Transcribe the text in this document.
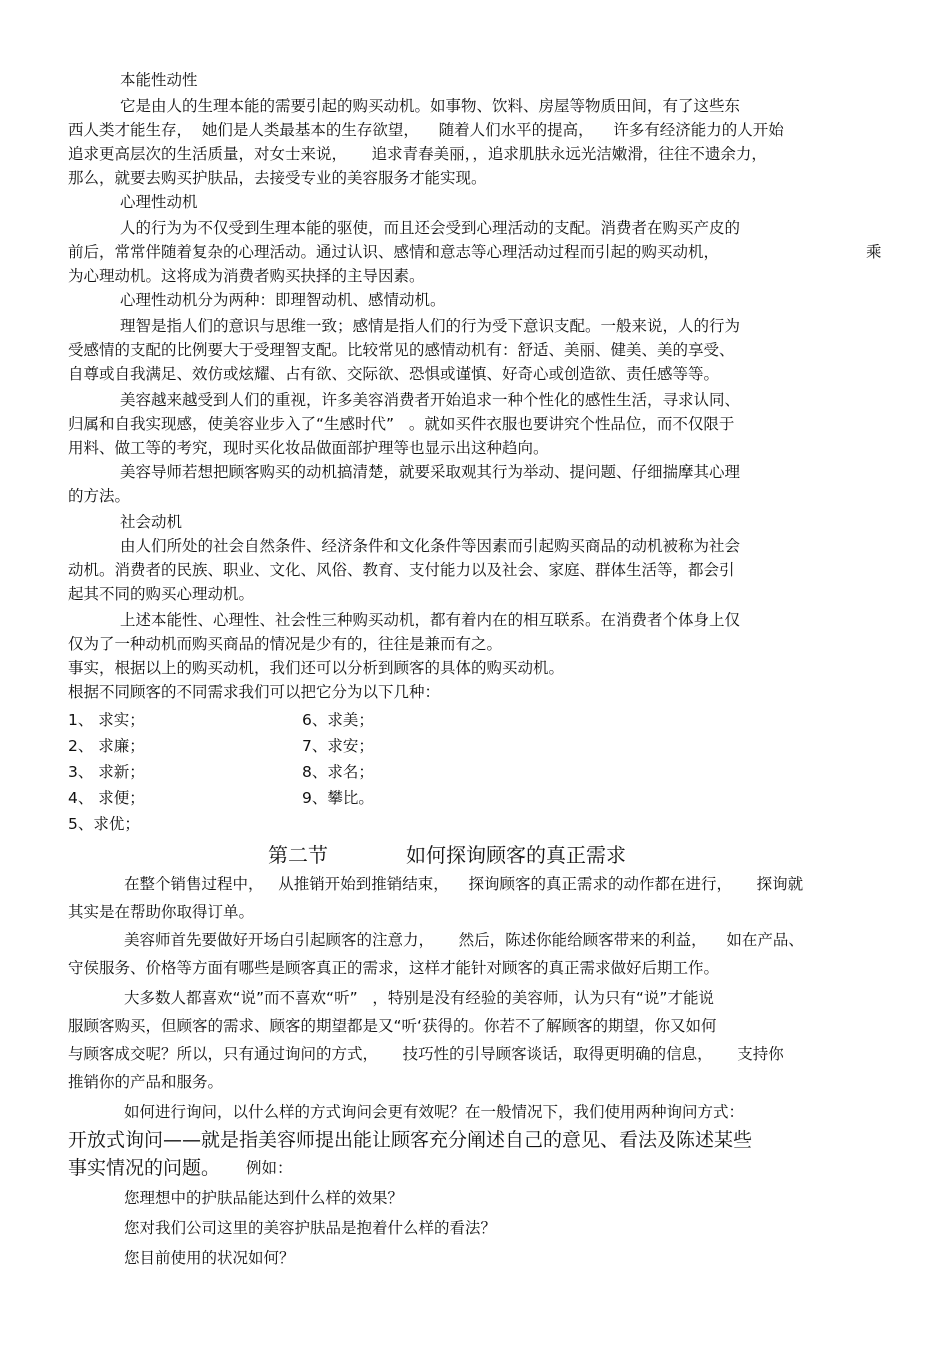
本能性动性
它是由人的生理本能的需要引起的购买动机。如事物、饮料、房屋等物质田间，有了这些东
西人类才能生存，  她们是人类最基本的生存欲望，    随着人们水平的提高，    许多有经济能力的人开始
追求更高层次的生活质量，对女士来说，     追求青春美丽，，追求肌肤永远光洁嫩滑，往往不遗余力，
那么，就要去购买护肤品，去接受专业的美容服务才能实现。
心理性动机
人的行为为不仅受到生理本能的驱使，而且还会受到心理活动的支配。消费者在购买产皮的
前后，常常伴随着复杂的心理活动。通过认识、感情和意志等心理活动过程而引起的购买动机，	乘
为心理动机。这将成为消费者购买抉择的主导因素。
心理性动机分为两种：即理智动机、感情动机。
理智是指人们的意识与思维一致；感情是指人们的行为受下意识支配。一般来说，人的行为
受感情的支配的比例要大于受理智支配。比较常见的感情动机有：舒适、美丽、健美、美的享受、
自尊或自我满足、效仿或炫耀、占有欲、交际欲、恐惧或谨慎、好奇心或创造欲、责任感等等。
美容越来越受到人们的重视，许多美容消费者开始追求一种个性化的感性生活，寻求认同、
归属和自我实现感，使美容业步入了“生感时代”   。就如买件衣服也要讲究个性品位，而不仅限于
用料、做工等的考究，现时买化妆品做面部护理等也显示出这种趋向。
美容导师若想把顾客购买的动机搞清楚，就要采取观其行为举动、提问题、仔细揣摩其心理
的方法。
社会动机
由人们所处的社会自然条件、经济条件和文化条件等因素而引起购买商品的动机被称为社会
动机。消费者的民族、职业、文化、风俗、教育、支付能力以及社会、家庭、群体生活等，都会引
起其不同的购买心理动机。
上述本能性、心理性、社会性三种购买动机，都有着内在的相互联系。在消费者个体身上仅
仅为了一种动机而购买商品的情况是少有的，往往是兼而有之。
事实，根据以上的购买动机，我们还可以分析到顾客的具体的购买动机。
根据不同顾客的不同需求我们可以把它分为以下几种：
1、 求实；
2、 求廉；
3、 求新；
4、 求便；
5、求优；
6、求美；
7、求安；
8、求名；
9、攀比。
第二节	如何探询顾客的真正需求
在整个销售过程中，   从推销开始到推销结束，    探询顾客的真正需求的动作都在进行，     探询就
其实是在帮助你取得订单。
美容师首先要做好开场白引起顾客的注意力，     然后，陈述你能给顾客带来的利益，    如在产品、
守侯服务、价格等方面有哪些是顾客真正的需求，这样才能针对顾客的真正需求做好后期工作。
大多数人都喜欢“说”而不喜欢“听”   ，特别是没有经验的美容师，认为只有“说”才能说
服顾客购买，但顾客的需求、顾客的期望都是又“听‘获得的。你若不了解顾客的期望，你又如何
与顾客成交呢？所以，只有通过询问的方式，     技巧性的引导顾客谈话，取得更明确的信息，     支持你
推销你的产品和服务。
如何进行询问，以什么样的方式询问会更有效呢？在一般情况下，我们使用两种询问方式：
开放式询问——就是指美容师提出能让顾客充分阐述自己的意见、看法及陈述某些
事实情况的问题。 例如：
您理想中的护肤品能达到什么样的效果？
您对我们公司这里的美容护肤品是抱着什么样的看法？
您目前使用的状况如何？
